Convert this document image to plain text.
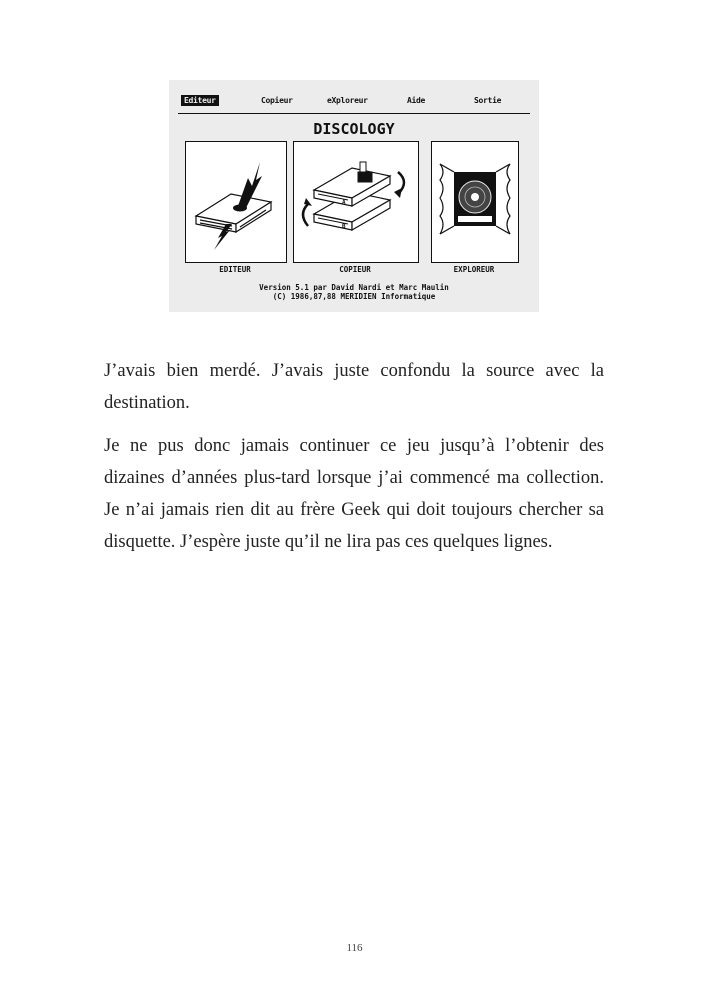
Editeur	Copieur	eXploreur	Aide	Sortie
DISCOLOGY
A
B
EDITEUR	COPIEUR	EXPLOREUR
Version 5.1 par David Nardi et Marc Maulin
(C) 1986,87,88 MERIDIEN Informatique

J’avais bien merdé. J’avais juste confondu la source avec la destination.

Je ne pus donc jamais continuer ce jeu jusqu’à l’obtenir des dizaines d’années plus-tard lorsque j’ai commencé ma collection. Je n’ai jamais rien dit au frère Geek qui doit toujours chercher sa disquette. J’espère juste qu’il ne lira pas ces quelques lignes.

116
